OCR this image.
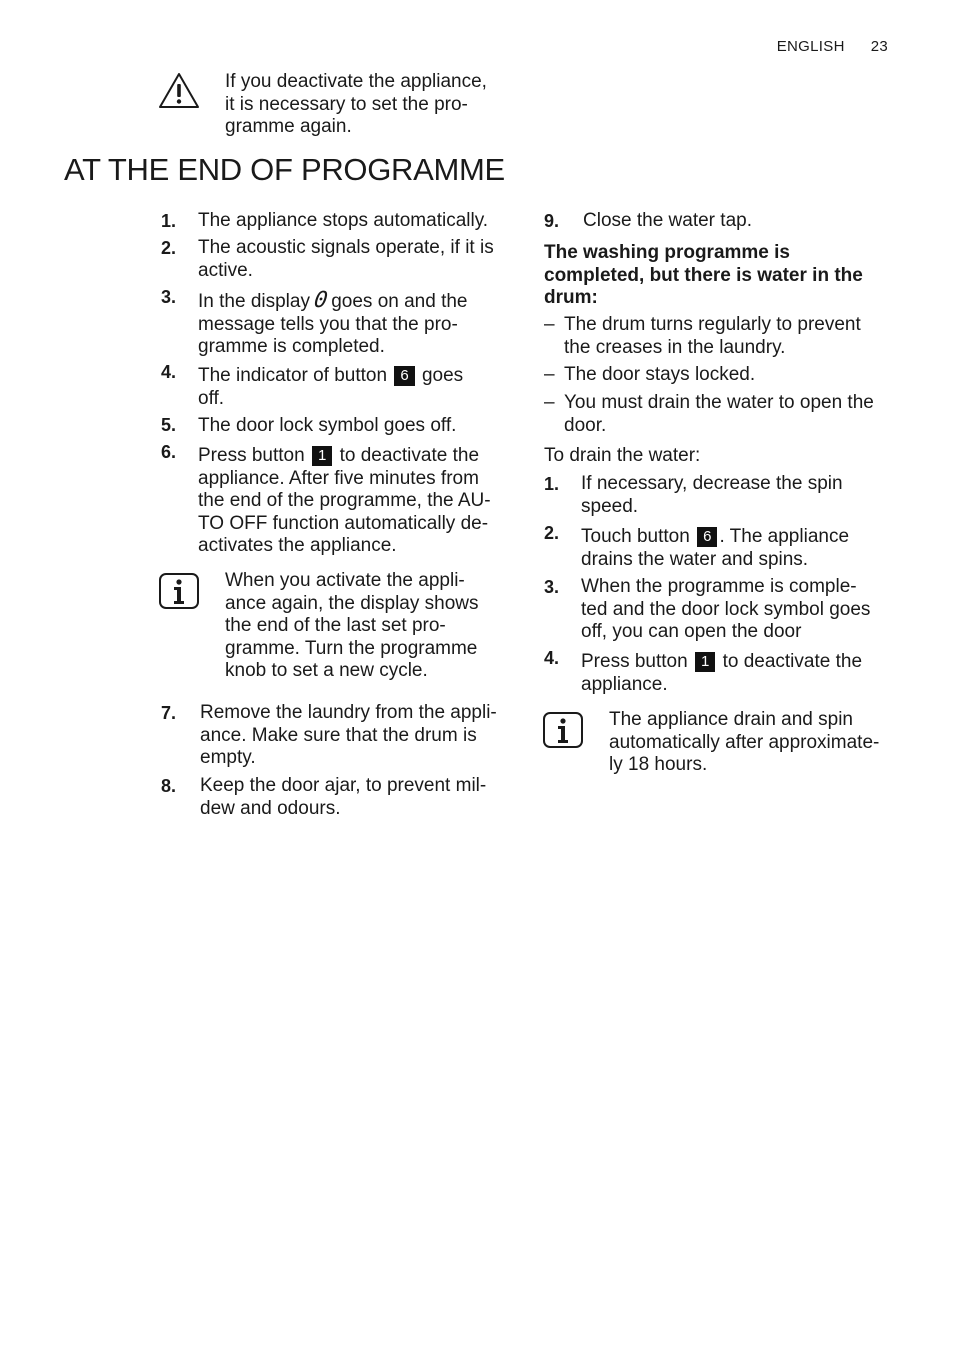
ENGLISH 23
If you deactivate the appliance,
it is necessary to set the pro-
gramme again.
AT THE END OF PROGRAMME
1. The appliance stops automatically.
2. The acoustic signals operate, if it is
active.
3. In the display 0 goes on and the
message tells you that the pro-
gramme is completed.
4. The indicator of button 6 goes
off.
5. The door lock symbol goes off.
6. Press button 1 to deactivate the
appliance. After five minutes from
the end of the programme, the AU-
TO OFF function automatically de-
activates the appliance.
When you activate the appli-
ance again, the display shows
the end of the last set pro-
gramme. Turn the programme
knob to set a new cycle.
7. Remove the laundry from the appli-
ance. Make sure that the drum is
empty.
8. Keep the door ajar, to prevent mil-
dew and odours.
9. Close the water tap.
The washing programme is
completed, but there is water in the
drum:
– The drum turns regularly to prevent
the creases in the laundry.
– The door stays locked.
– You must drain the water to open the
door.
To drain the water:
1. If necessary, decrease the spin
speed.
2. Touch button 6 . The appliance
drains the water and spins.
3. When the programme is comple-
ted and the door lock symbol goes
off, you can open the door
4. Press button 1 to deactivate the
appliance.
The appliance drain and spin
automatically after approximate-
ly 18 hours.
